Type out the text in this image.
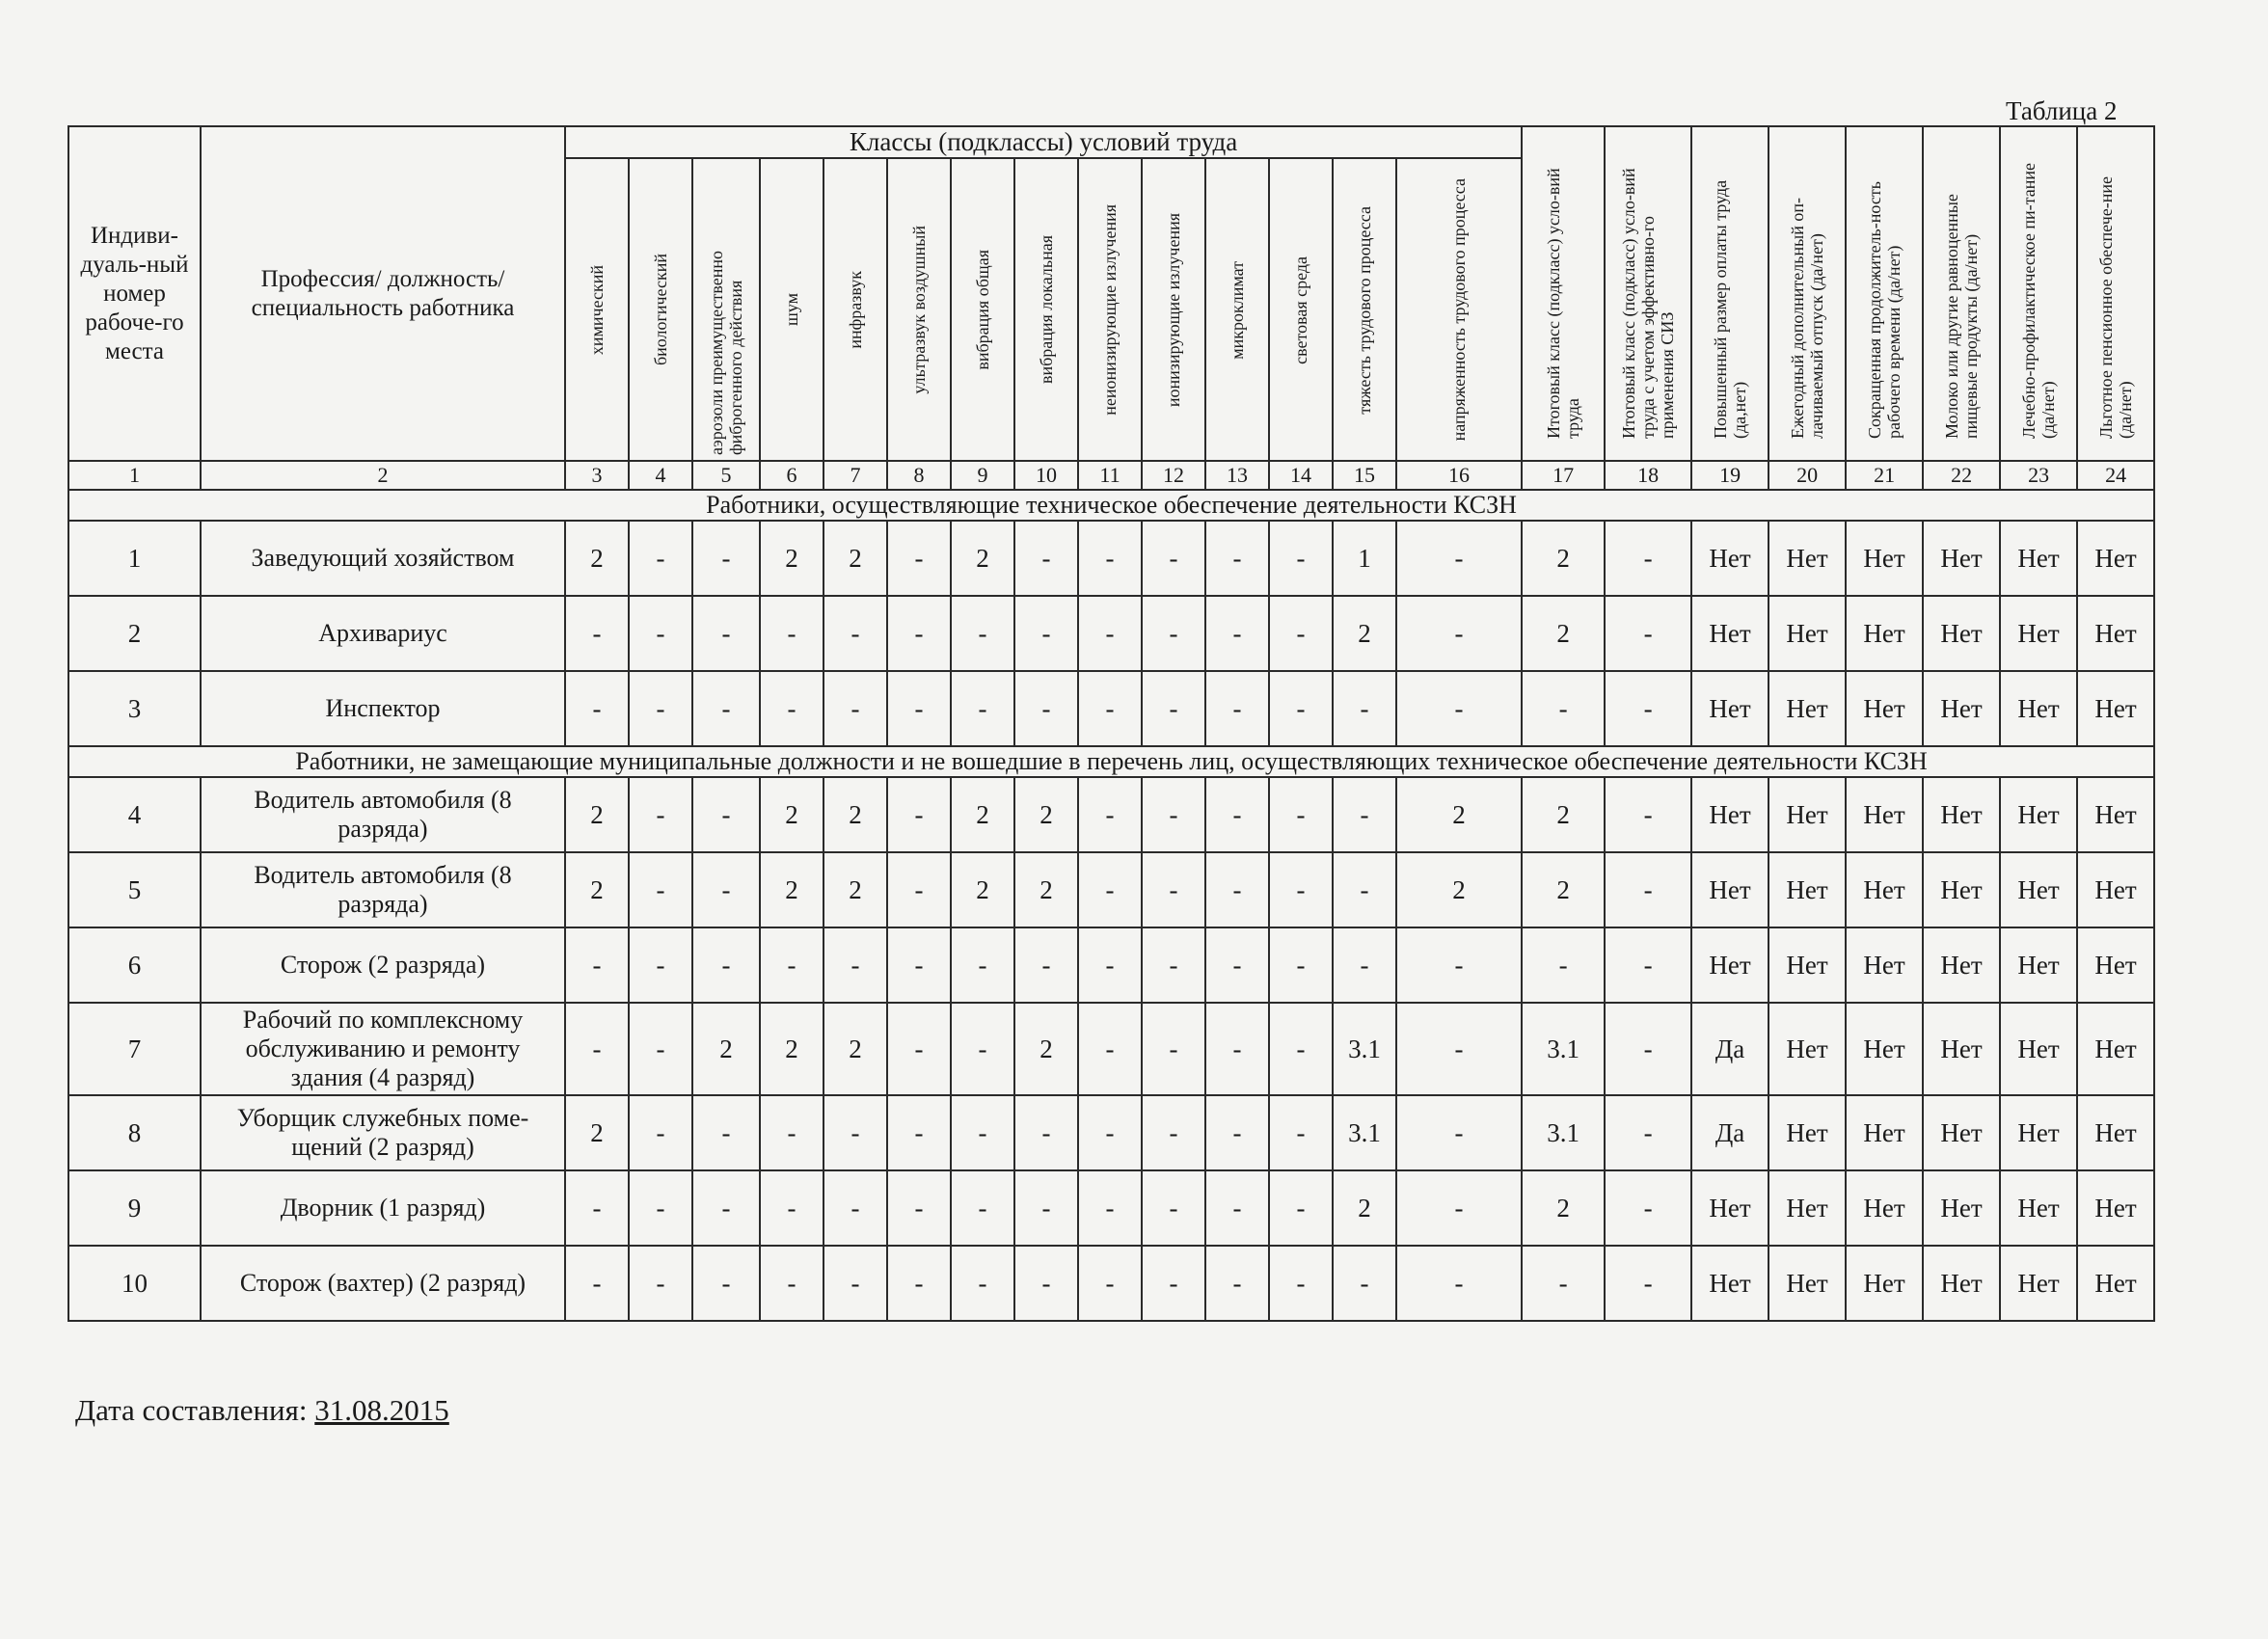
Таблица 2
Индиви-дуаль-ный номер рабоче-го места	Профессия/ должность/ специальность работника	Классы (подклассы) условий труда														Итоговый класс (подкласс) усло-вий труда	Итоговый класс (подкласс) усло-вий труда с учетом эффективно-го применения СИЗ	Повышенный размер оплаты труда (да,нет)	Ежегодный дополнительный оп-лачиваемый отпуск (да/нет)	Сокращенная продолжитель-ность рабочего времени (да/нет)	Молоко или другие равноценные пищевые продукты (да/нет)	Лечебно-профилактическое пи-тание (да/нет)	Льготное пенсионное обеспече-ние (да/нет)
		химический	биологический	аэрозоли преимущественно фиброгенного действия	шум	инфразвук	ультразвук воздушный	вибрация общая	вибрация локальная	неионизирующие излучения	ионизирующие излучения	микроклимат	световая среда	тяжесть трудового процесса	напряженность трудового процесса								
1	2	3	4	5	6	7	8	9	10	11	12	13	14	15	16	17	18	19	20	21	22	23	24
Работники, осуществляющие техническое обеспечение деятельности КСЗН																							
1	Заведующий хозяйством	2	-	-	2	2	-	2	-	-	-	-	-	1	-	2	-	Нет	Нет	Нет	Нет	Нет	Нет
2	Архивариус	-	-	-	-	-	-	-	-	-	-	-	-	2	-	2	-	Нет	Нет	Нет	Нет	Нет	Нет
3	Инспектор	-	-	-	-	-	-	-	-	-	-	-	-	-	-	-	-	Нет	Нет	Нет	Нет	Нет	Нет
Работники, не замещающие муниципальные должности и не вошедшие в перечень лиц, осуществляющих техническое обеспечение деятельности КСЗН																							
4	Водитель автомобиля (8 разряда)	2	-	-	2	2	-	2	2	-	-	-	-	-	2	2	-	Нет	Нет	Нет	Нет	Нет	Нет
5	Водитель автомобиля (8 разряда)	2	-	-	2	2	-	2	2	-	-	-	-	-	2	2	-	Нет	Нет	Нет	Нет	Нет	Нет
6	Сторож (2 разряда)	-	-	-	-	-	-	-	-	-	-	-	-	-	-	-	-	Нет	Нет	Нет	Нет	Нет	Нет
7	Рабочий по комплексному обслуживанию и ремонту здания (4 разряд)	-	-	2	2	2	-	-	2	-	-	-	-	3.1	-	3.1	-	Да	Нет	Нет	Нет	Нет	Нет
8	Уборщик служебных поме-щений (2 разряд)	2	-	-	-	-	-	-	-	-	-	-	-	3.1	-	3.1	-	Да	Нет	Нет	Нет	Нет	Нет
9	Дворник (1 разряд)	-	-	-	-	-	-	-	-	-	-	-	-	2	-	2	-	Нет	Нет	Нет	Нет	Нет	Нет
10	Сторож (вахтер) (2 разряд)	-	-	-	-	-	-	-	-	-	-	-	-	-	-	-	-	Нет	Нет	Нет	Нет	Нет	Нет
Дата составления: 31.08.2015
